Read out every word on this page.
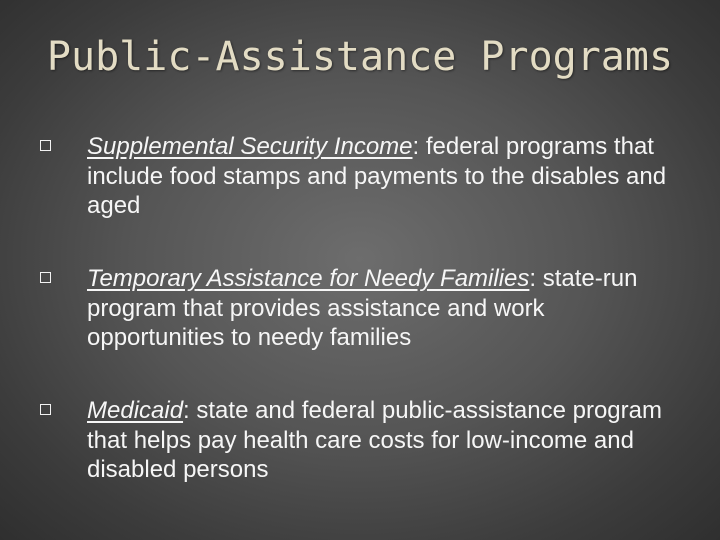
Public-Assistance Programs
Supplemental Security Income: federal programs that include food stamps and payments to the disables and aged
Temporary Assistance for Needy Families: state-run program that provides assistance and work opportunities to needy families
Medicaid: state and federal public-assistance program that helps pay health care costs for low-income and disabled persons
